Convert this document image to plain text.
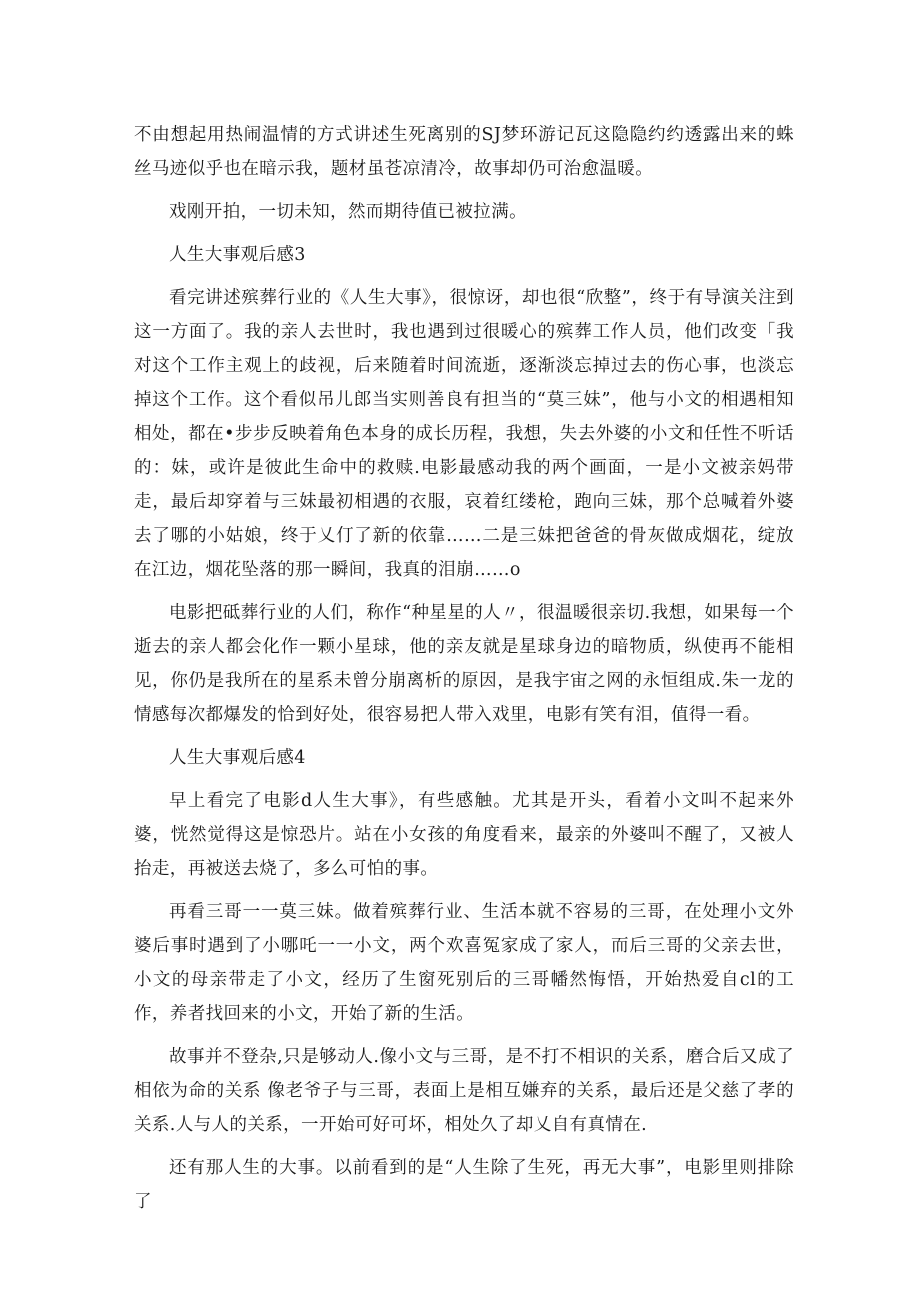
不由想起用热闹温情的方式讲述生死离别的SJ梦环游记瓦这隐隐约约透露出来的蛛丝马迹似乎也在暗示我，题材虽苍凉清冷，故事却仍可治愈温暖。

戏刚开拍，一切未知，然而期待值已被拉满。

人生大事观后感3

看完讲述殡葬行业的《人生大事》，很惊讶，却也很“欣整”，终于有导演关注到这一方面了。我的亲人去世时，我也遇到过很暖心的殡葬工作人员，他们改变「我对这个工作主观上的歧视，后来随着时间流逝，逐渐淡忘掉过去的伤心事，也淡忘掉这个工作。这个看似吊儿郎当实则善良有担当的“莫三妹”，他与小文的相遇相知相处，都在•步步反映着角色本身的成长历程，我想，失去外婆的小文和任性不听话的：妹，或许是彼此生命中的救赎.电影最感动我的两个画面，一是小文被亲妈带走，最后却穿着与三妹最初相遇的衣服，哀着红缕枪，跑向三妹，那个总喊着外婆去了哪的小姑娘，终于乂仃了新的依靠……二是三妹把爸爸的骨灰做成烟花，绽放在江边，烟花坠落的那一瞬间，我真的泪崩……o

电影把砥葬行业的人们，称作“种星星的人〃，很温暖很亲切.我想，如果每一个逝去的亲人都会化作一颗小星球，他的亲友就是星球身边的暗物质，纵使再不能相见，你仍是我所在的星系未曾分崩离析的原因，是我宇宙之网的永恒组成.朱一龙的情感每次都爆发的恰到好处，很容易把人带入戏里，电影有笑有泪，值得一看。

人生大事观后感4

早上看完了电影d人生大事》，有些感触。尤其是开头，看着小文叫不起来外婆，恍然觉得这是惊恐片。站在小女孩的角度看来，最亲的外婆叫不醒了，又被人抬走，再被送去烧了，多么可怕的事。

再看三哥一一莫三妹。做着殡葬行业、生活本就不容易的三哥，在处理小文外婆后事时遇到了小哪吒一一小文，两个欢喜冤家成了家人，而后三哥的父亲去世，小文的母亲带走了小文，经历了生窗死别后的三哥幡然悔悟，开始热爱自cl的工作，养者找回来的小文，开始了新的生活。

故事并不登杂,只是够动人.像小文与三哥，是不打不相识的关系，磨合后又成了相依为命的关系 像老爷子与三哥，表面上是相互嫌弃的关系，最后还是父慈了孝的关系.人与人的关系，一开始可好可坏，相处久了却乂自有真情在.

还有那人生的大事。以前看到的是“人生除了生死，再无大事”，电影里则排除了
